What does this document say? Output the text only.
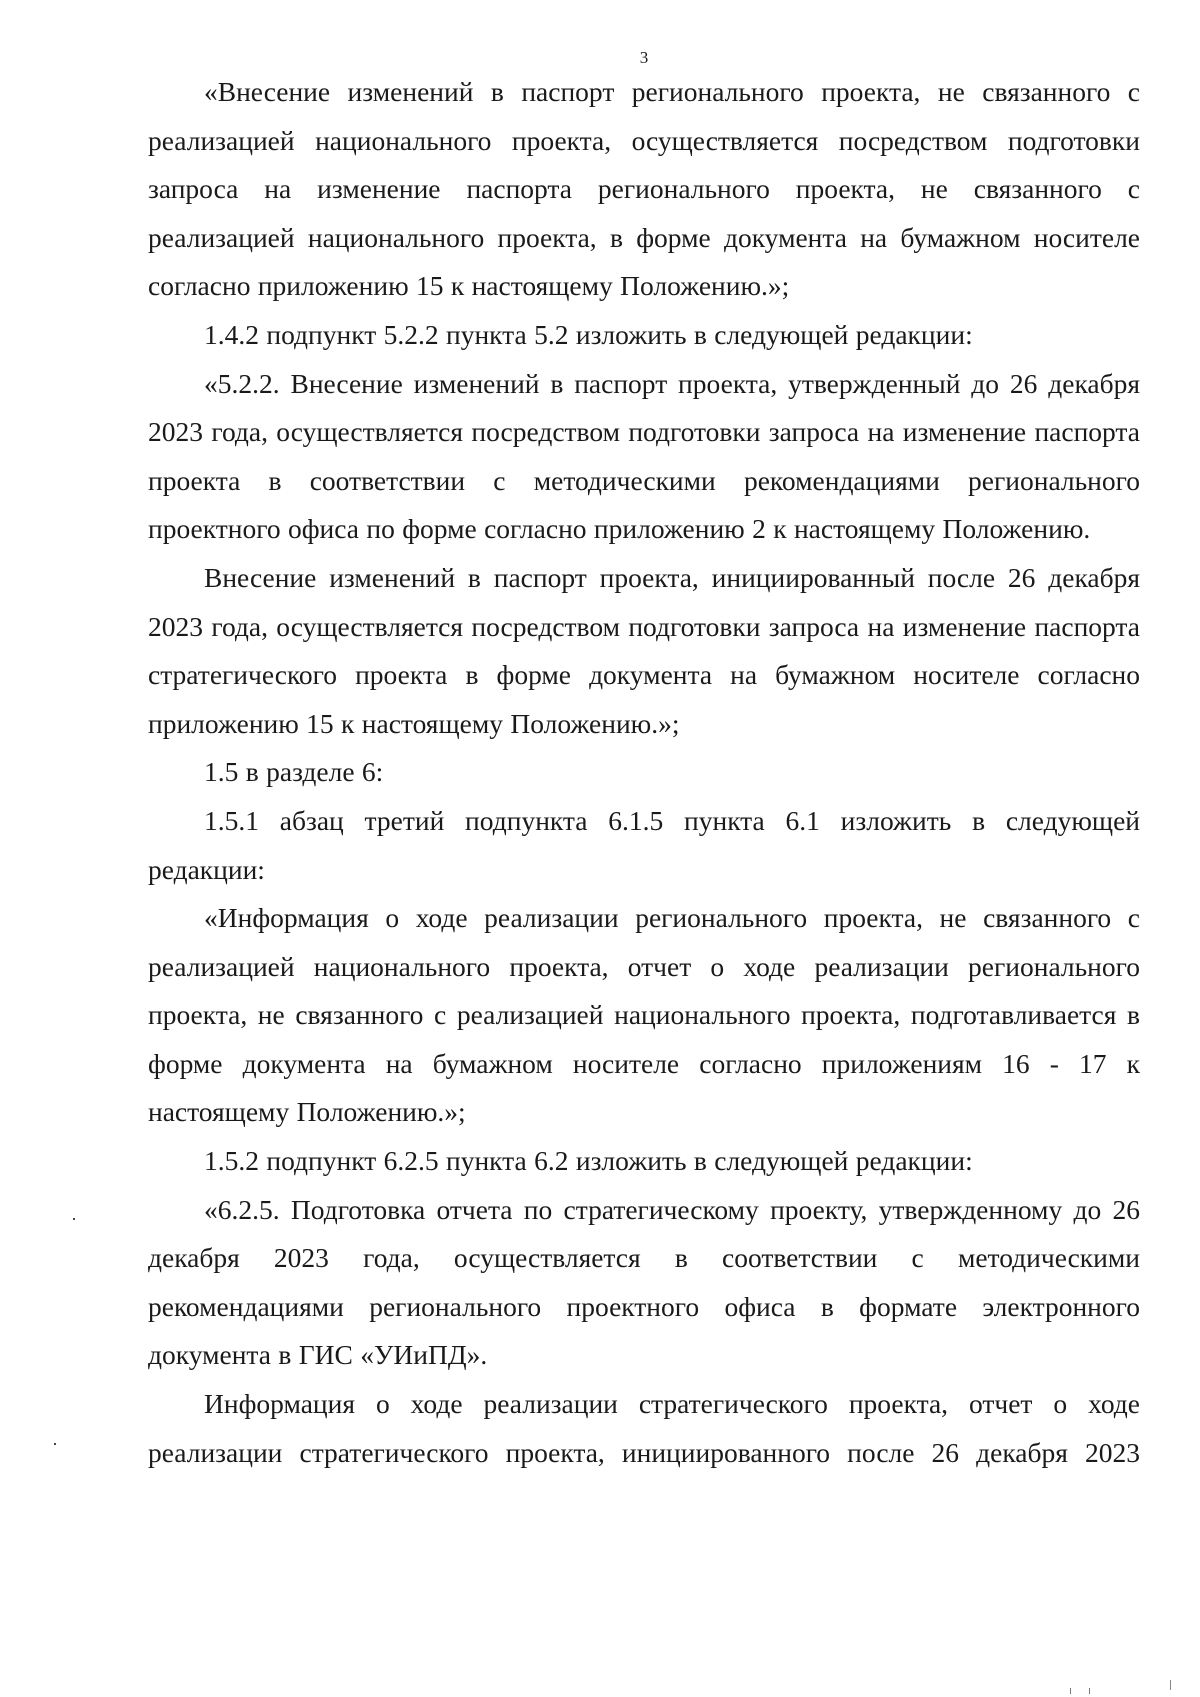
3

«Внесение изменений в паспорт регионального проекта, не связанного с реализацией национального проекта, осуществляется посредством подготовки запроса на изменение паспорта регионального проекта, не связанного с реализацией национального проекта, в форме документа на бумажном носителе согласно приложению 15 к настоящему Положению.»;

1.4.2 подпункт 5.2.2 пункта 5.2 изложить в следующей редакции:

«5.2.2. Внесение изменений в паспорт проекта, утвержденный до 26 декабря 2023 года, осуществляется посредством подготовки запроса на изменение паспорта проекта в соответствии с методическими рекомендациями регионального проектного офиса по форме согласно приложению 2 к настоящему Положению.

Внесение изменений в паспорт проекта, инициированный после 26 декабря 2023 года, осуществляется посредством подготовки запроса на изменение паспорта стратегического проекта в форме документа на бумажном носителе согласно приложению 15 к настоящему Положению.»;

1.5 в разделе 6:

1.5.1 абзац третий подпункта 6.1.5 пункта 6.1 изложить в следующей редакции:

«Информация о ходе реализации регионального проекта, не связанного с реализацией национального проекта, отчет о ходе реализации регионального проекта, не связанного с реализацией национального проекта, подготавливается в форме документа на бумажном носителе согласно приложениям 16 - 17 к настоящему Положению.»;

1.5.2 подпункт 6.2.5 пункта 6.2 изложить в следующей редакции:

«6.2.5. Подготовка отчета по стратегическому проекту, утвержденному до 26 декабря 2023 года, осуществляется в соответствии с методическими рекомендациями регионального проектного офиса в формате электронного документа в ГИС «УИиПД».

Информация о ходе реализации стратегического проекта, отчет о ходе реализации стратегического проекта, инициированного после 26 декабря 2023
